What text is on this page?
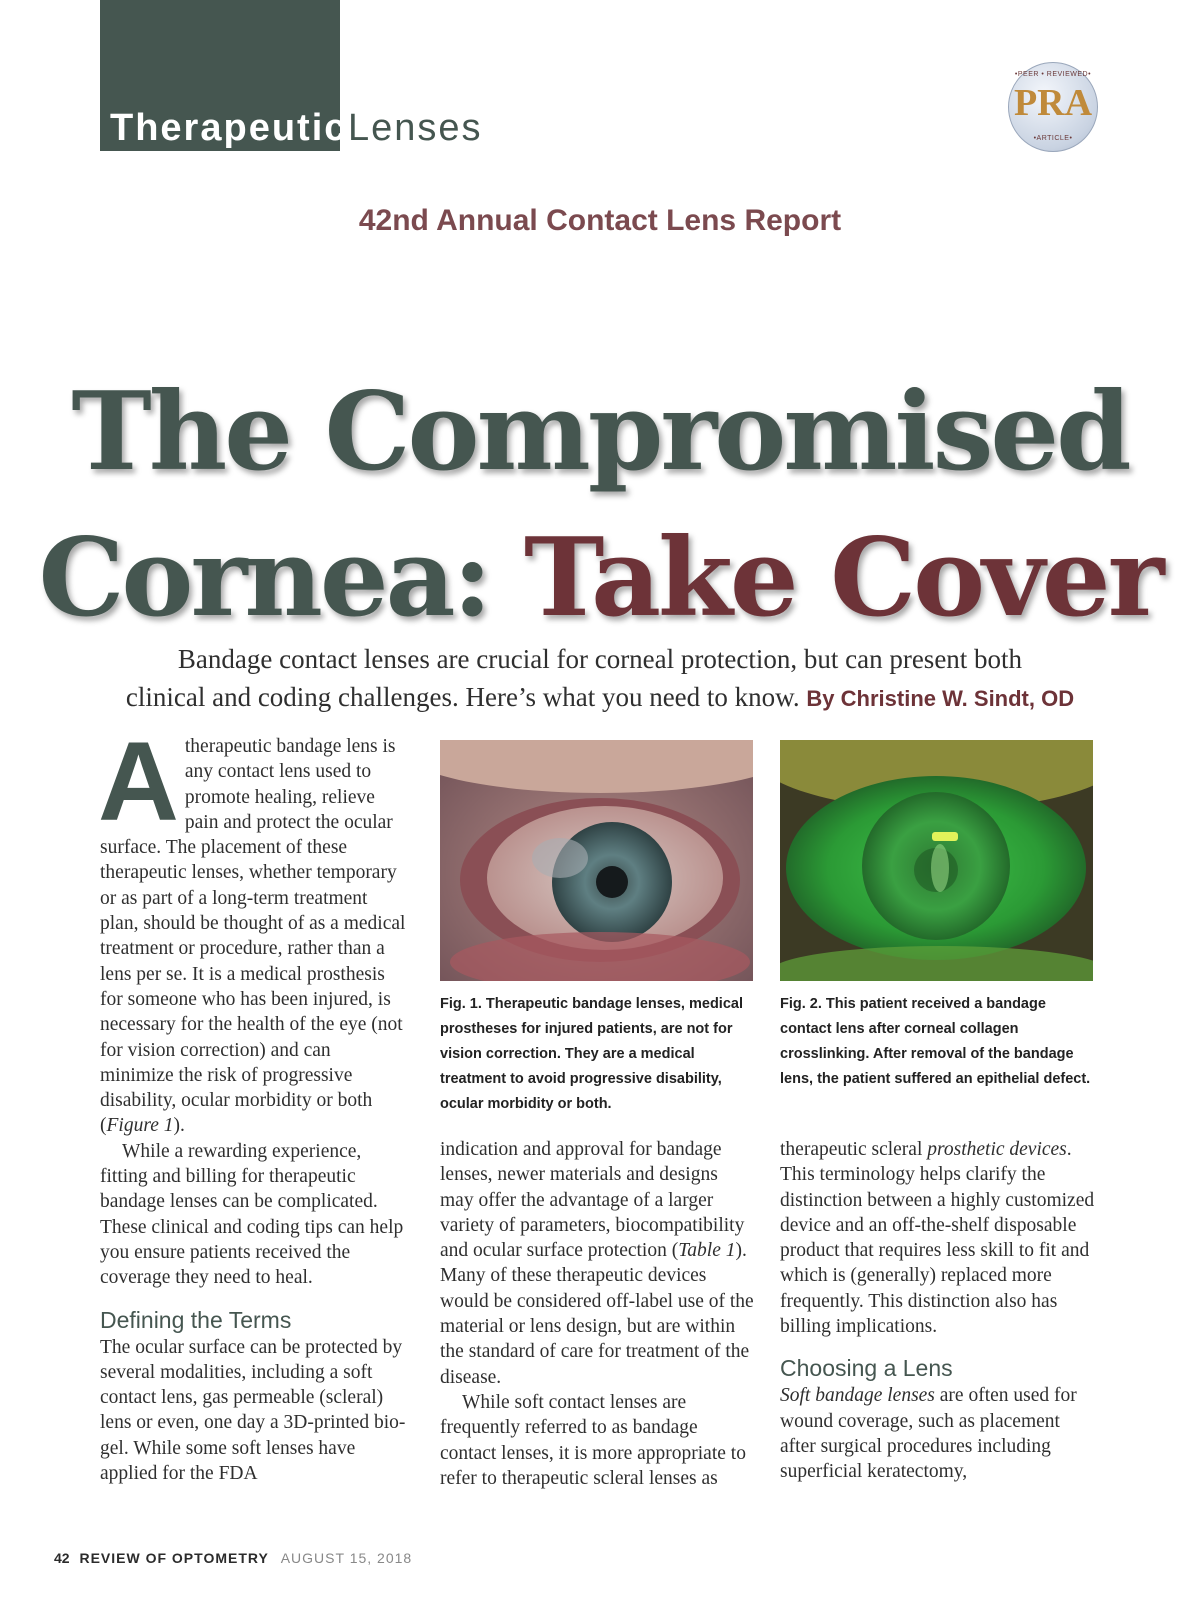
Therapeutic Lenses
•PEER • REVIEWED•
PRA
•ARTICLE•
42nd Annual Contact Lens Report
The Compromised
Cornea: Take Cover
Bandage contact lenses are crucial for corneal protection, but can present both
clinical and coding challenges. Here’s what you need to know. By Christine W. Sindt, OD

A therapeutic bandage lens is any contact lens used to promote healing, relieve pain and protect the ocular surface. The placement of these therapeutic lenses, whether temporary or as part of a long-term treatment plan, should be thought of as a medical treatment or procedure, rather than a lens per se. It is a medical prosthesis for someone who has been injured, is necessary for the health of the eye (not for vision correction) and can minimize the risk of progressive disability, ocular morbidity or both (Figure 1).

While a rewarding experience, fitting and billing for therapeutic bandage lenses can be complicated. These clinical and coding tips can help you ensure patients received the coverage they need to heal.

Defining the Terms

The ocular surface can be protected by several modalities, including a soft contact lens, gas permeable (scleral) lens or even, one day a 3D-printed bio-gel. While some soft lenses have applied for the FDA

Fig. 1. Therapeutic bandage lenses, medical prostheses for injured patients, are not for vision correction. They are a medical treatment to avoid progressive disability, ocular morbidity or both.
Fig. 2. This patient received a bandage contact lens after corneal collagen crosslinking. After removal of the bandage lens, the patient suffered an epithelial defect.

indication and approval for bandage lenses, newer materials and designs may offer the advantage of a larger variety of parameters, biocompatibility and ocular surface protection (Table 1). Many of these therapeutic devices would be considered off-label use of the material or lens design, but are within the standard of care for treatment of the disease.

While soft contact lenses are frequently referred to as bandage contact lenses, it is more appropriate to refer to therapeutic scleral lenses as

therapeutic scleral prosthetic devices. This terminology helps clarify the distinction between a highly customized device and an off-the-shelf disposable product that requires less skill to fit and which is (generally) replaced more frequently. This distinction also has billing implications.

Choosing a Lens

Soft bandage lenses are often used for wound coverage, such as placement after surgical procedures including superficial keratectomy,

42 REVIEW OF OPTOMETRY AUGUST 15, 2018
